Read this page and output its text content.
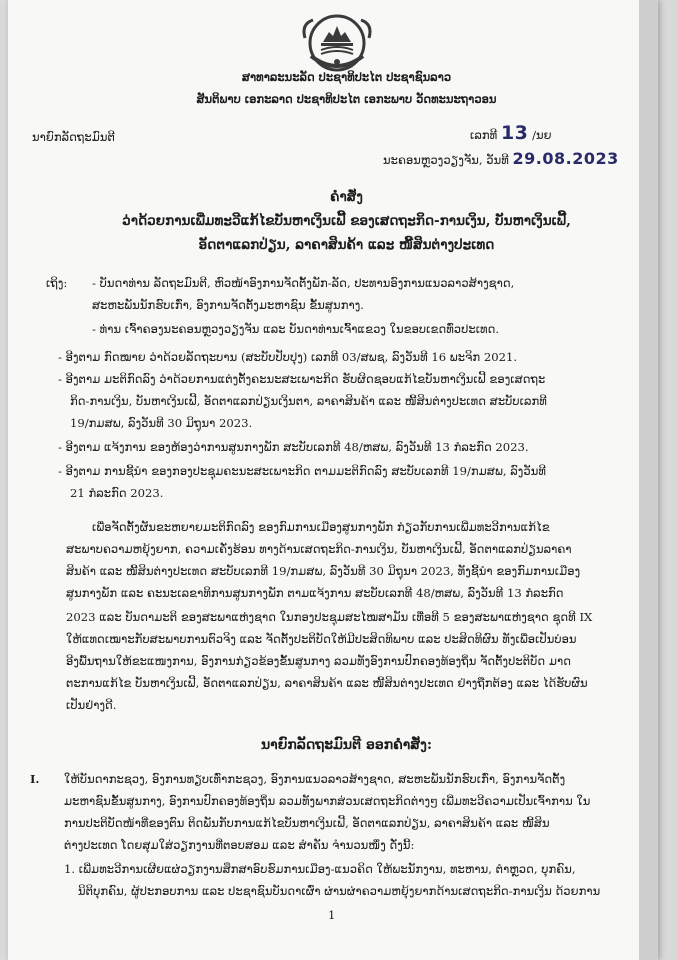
ສາທາລະນະລັດ ປະຊາທິປະໄຕ ປະຊາຊົນລາວ
ສັນຕິພາບ ເອກະລາດ ປະຊາທິປະໄຕ ເອກະພາບ ວັດທະນະຖາວອນ
ນາຍົກລັດຖະມົນຕີ	ເລກທີ 13 /ນຍ
ນະຄອນຫຼວງວຽງຈັນ, ວັນທີ 29.08.2023
ຄຳສັ່ງ
ວ່າດ້ວຍການເພີ່ມທະວີແກ້ໄຂບັນຫາເງິນເຟີ້ ຂອງເສດຖະກິດ-ການເງິນ, ບັນຫາເງິນເຟີ້,
ອັດຕາແລກປ່ຽນ, ລາຄາສິນຄ້າ ແລະ ໜີ້ສິນຕ່າງປະເທດ
ເຖິງ: - ບັນດາທ່ານ ລັດຖະມົນຕີ, ຫົວໜ້າອົງການຈັດຕັ້ງພັກ-ລັດ, ປະທານອົງການແນວລາວສ້າງຊາດ,
ສະຫະພັນນັກຮົບເກົ່າ, ອົງການຈັດຕັ້ງມະຫາຊົນ ຂັ້ນສູນກາງ.
- ທ່ານ ເຈົ້າຄອງນະຄອນຫຼວງວຽງຈັນ ແລະ ບັນດາທ່ານເຈົ້າແຂວງ ໃນຂອບເຂດທົ່ວປະເທດ.
- ອີງຕາມ ກົດໝາຍ ວ່າດ້ວຍລັດຖະບານ (ສະບັບປັບປຸງ) ເລກທີ 03/ສພຊ, ລົງວັນທີ 16 ພະຈິກ 2021.
- ອີງຕາມ ມະຕິກົດລົງ ວ່າດ້ວຍການແຕ່ງຕັ້ງຄະນະສະເພາະກິດ ຮັບຜິດຊອບແກ້ໄຂບັນຫາເງິນເຟີ້ ຂອງເສດຖະ
ກິດ-ການເງິນ, ບັນຫາເງິນເຟີ້, ອັດຕາແລກປ່ຽນເງິນຕາ, ລາຄາສິນຄ້າ ແລະ ໜີ້ສິນຕ່າງປະເທດ ສະບັບເລກທີ
19/ກມສພ, ລົງວັນທີ 30 ມິຖຸນາ 2023.
- ອີງຕາມ ແຈ້ງການ ຂອງຫ້ອງວ່າການສູນກາງພັກ ສະບັບເລກທີ 48/ຫສພ, ລົງວັນທີ 13 ກໍລະກົດ 2023.
- ອີງຕາມ ການຊີ້ນຳ ຂອງກອງປະຊຸມຄະນະສະເພາະກິດ ຕາມມະຕິກົດລົງ ສະບັບເລກທີ 19/ກມສພ, ລົງວັນທີ
21 ກໍລະກົດ 2023.
ເພື່ອຈັດຕັ້ງຜັນຂະຫຍາຍມະຕິກົດລົງ ຂອງກົມການເມືອງສູນກາງພັກ ກ່ຽວກັບການເພີ່ມທະວີການແກ້ໄຂ
ສະພາບຄວາມຫຍຸ້ງຍາກ, ຄວາມເຄັ່ງຮ້ອນ ທາງດ້ານເສດຖະກິດ-ການເງິນ, ບັນຫາເງິນເຟີ້, ອັດຕາແລກປ່ຽນລາຄາ
ສິນຄ້າ ແລະ ໜີ້ສິນຕ່າງປະເທດ ສະບັບເລກທີ 19/ກມສພ, ລົງວັນທີ 30 ມິຖຸນາ 2023, ທັງຊີ້ນຳ ຂອງກົມການເມືອງ
ສູນກາງພັກ ແລະ ຄະນະເລຂາທິການສູນກາງພັກ ຕາມແຈ້ງການ ສະບັບເລກທີ 48/ຫສພ, ລົງວັນທີ 13 ກໍລະກົດ
2023 ແລະ ບັນດາມະຕິ ຂອງສະພາແຫ່ງຊາດ ໃນກອງປະຊຸມສະໄໝສາມັນ ເທື່ອທີ 5 ຂອງສະພາແຫ່ງຊາດ ຊຸດທີ IX
ໃຫ້ແທດເໝາະກັບສະພາບການຕົວຈິງ ແລະ ຈັດຕັ້ງປະຕິບັດໃຫ້ມີປະສິດທິພາບ ແລະ ປະສິດທິຜົນ ທັງເພື່ອເປັນບ່ອນ
ອີງພື້ນຖານໃຫ້ຂະແໜງການ, ອົງການກ່ຽວຂ້ອງຂັ້ນສູນກາງ ລວມທັງອົງການປົກຄອງທ້ອງຖິ່ນ ຈັດຕັ້ງປະຕິບັດ ມາດ
ຕະການແກ້ໄຂ ບັນຫາເງິນເຟີ້, ອັດຕາແລກປ່ຽນ, ລາຄາສິນຄ້າ ແລະ ໜີ້ສິນຕ່າງປະເທດ ຢ່າງຖືກຕ້ອງ ແລະ ໄດ້ຮັບຜົນ
ເປັນຢ່າງດີ.
ນາຍົກລັດຖະມົນຕີ ອອກຄຳສັ່ງ:
I. ໃຫ້ບັນດາກະຊວງ, ອົງການທຽບເທົ່າກະຊວງ, ອົງການແນວລາວສ້າງຊາດ, ສະຫະພັນນັກຮົບເກົ່າ, ອົງການຈັດຕັ້ງ
ມະຫາຊົນຂັ້ນສູນກາງ, ອົງການປົກຄອງທ້ອງຖິ່ນ ລວມທັງພາກສ່ວນເສດຖະກິດຕ່າງໆ ເພີ່ມທະວີຄວາມເປັນເຈົ້າການ ໃນ
ການປະຕິບັດໜ້າທີ່ຂອງຕົນ ຕິດພັນກັບການແກ້ໄຂບັນຫາເງິນເຟີ້, ອັດຕາແລກປ່ຽນ, ລາຄາສິນຄ້າ ແລະ ໜີ້ສິນ
ຕ່າງປະເທດ ໂດຍສຸມໃສ່ວຽກງານທີ່ຕອບສອມ ແລະ ສຳຄັນ ຈຳນວນໜຶ່ງ ດັ່ງນີ້:
1. ເພີ່ມທະວີການເຜີຍແຜ່ວຽກງານສຶກສາອົບຮົມການເມືອງ-ແນວຄິດ ໃຫ້ພະນັກງານ, ທະຫານ, ຕຳຫຼວດ, ບຸກຄົນ,
ນິຕິບຸກຄົນ, ຜູ້ປະກອບການ ແລະ ປະຊາຊົນບັນດາເຜົ່າ ຜ່ານຜ່າຄວາມຫຍຸ້ງຍາກດ້ານເສດຖະກິດ-ການເງິນ ດ້ວຍການ
1
